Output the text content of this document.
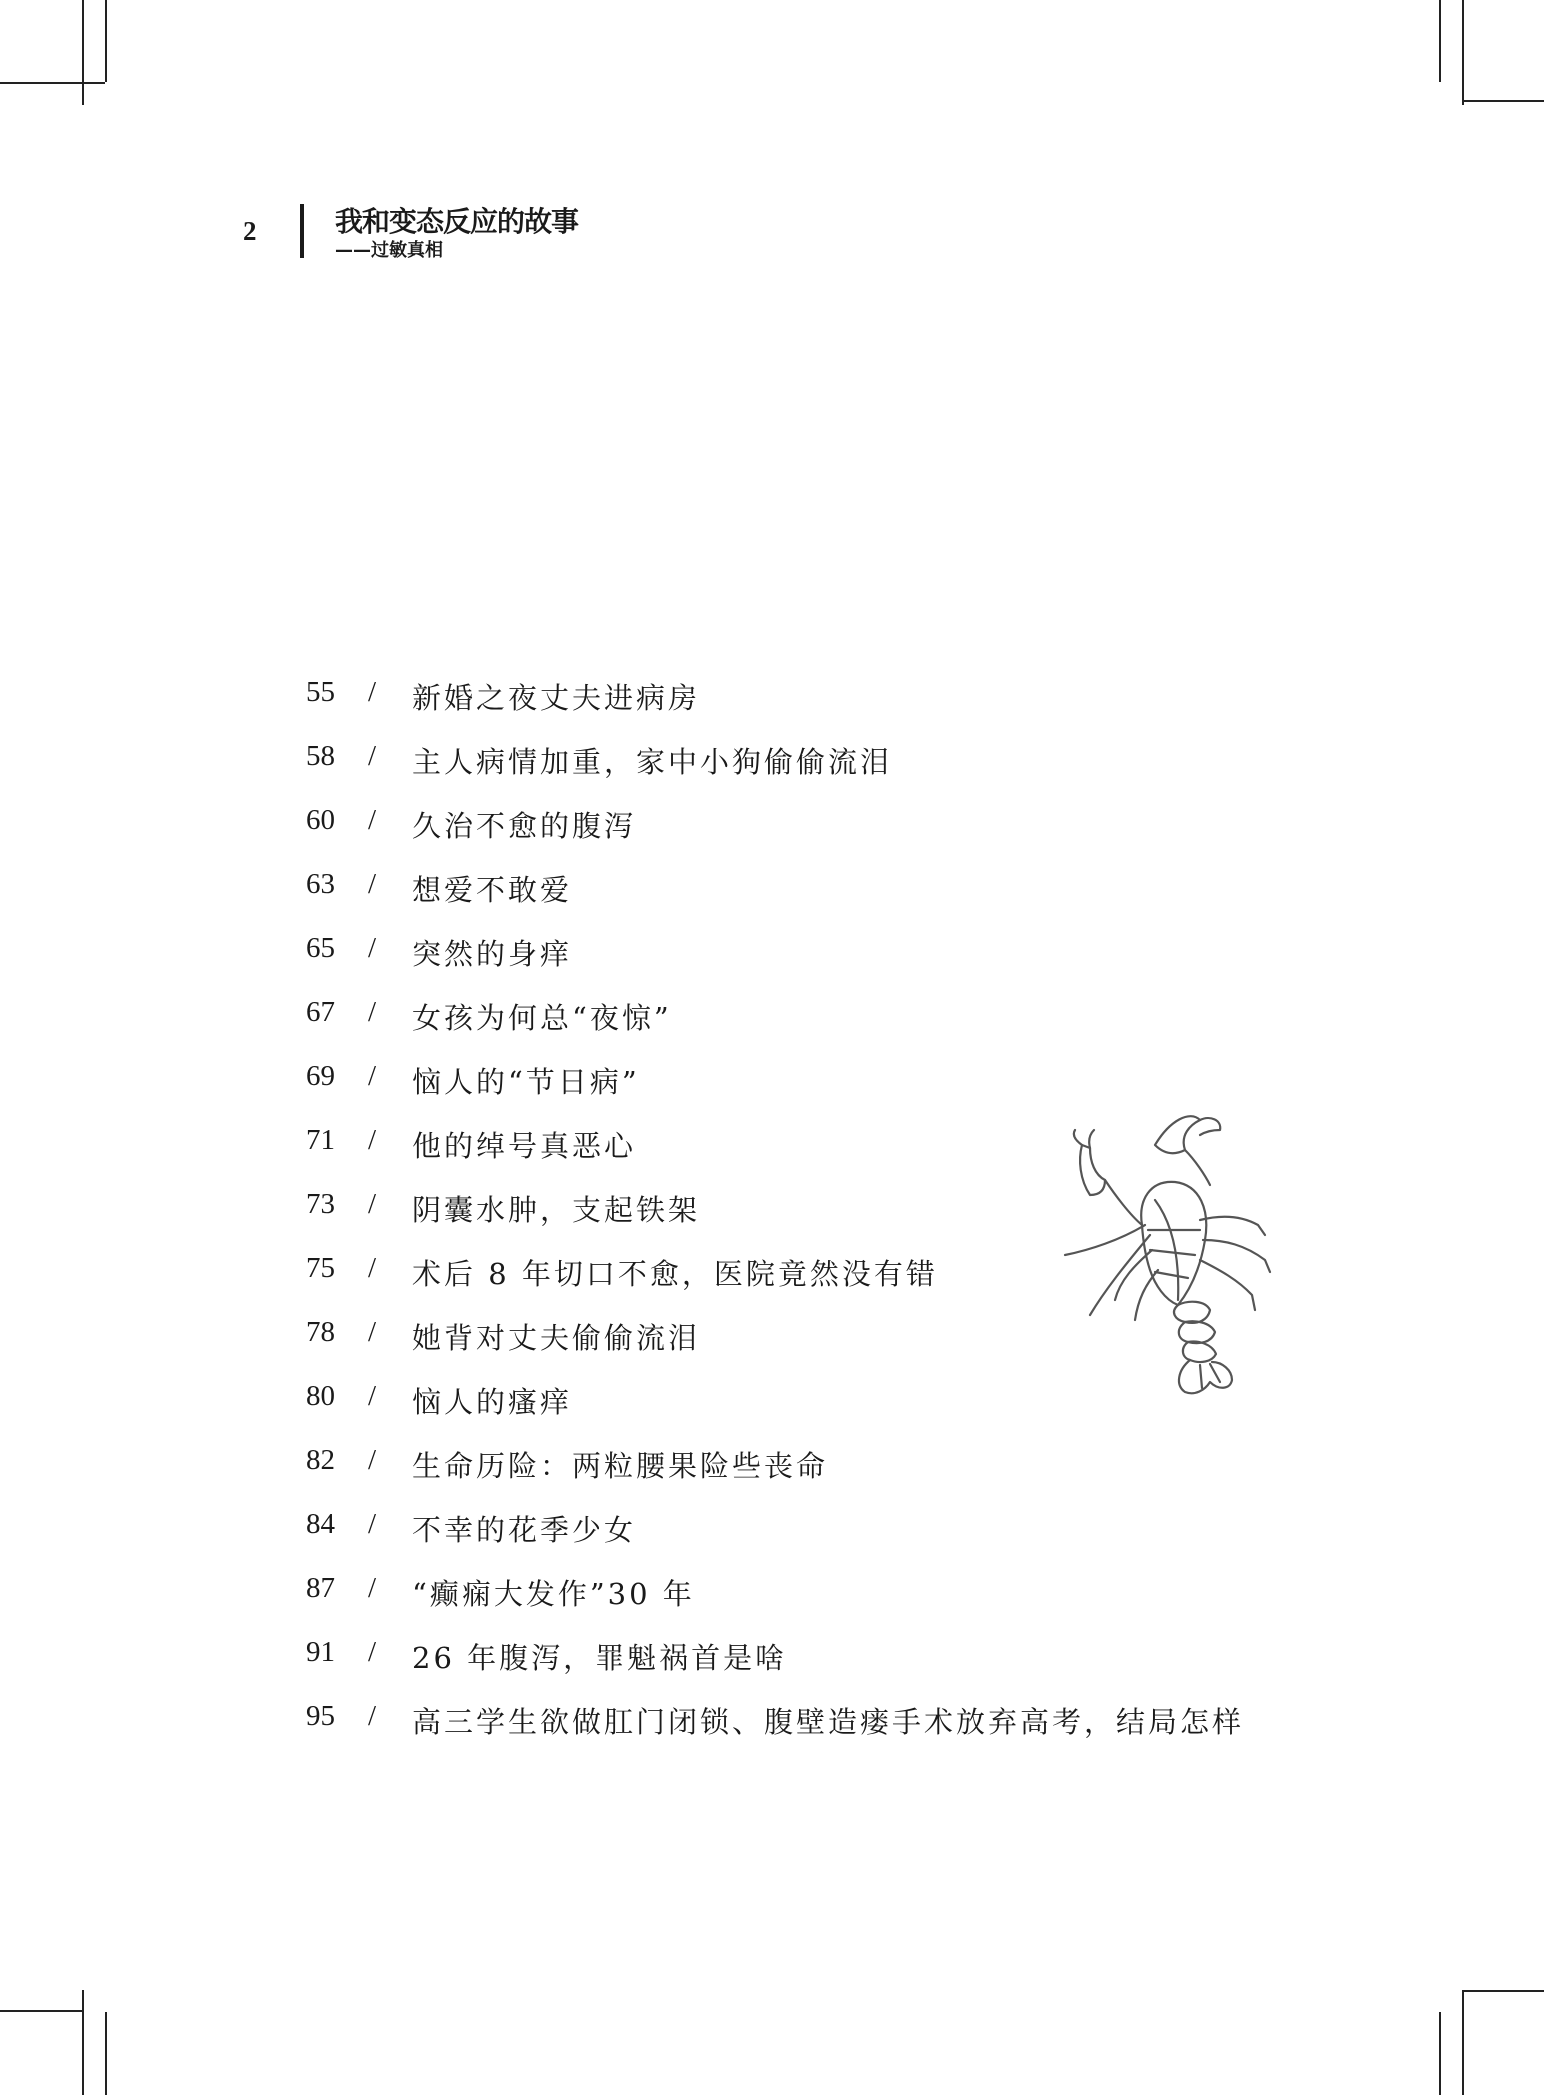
2	我和变态反应的故事
——过敏真相
55 / 新婚之夜丈夫进病房
58 / 主人病情加重，家中小狗偷偷流泪
60 / 久治不愈的腹泻
63 / 想爱不敢爱
65 / 突然的身痒
67 / 女孩为何总“夜惊”
69 / 恼人的“节日病”
71 / 他的绰号真恶心
73 / 阴囊水肿，支起铁架
75 / 术后 8 年切口不愈，医院竟然没有错
78 / 她背对丈夫偷偷流泪
80 / 恼人的瘙痒
82 / 生命历险：两粒腰果险些丧命
84 / 不幸的花季少女
87 / “癫痫大发作”30 年
91 / 26 年腹泻，罪魁祸首是啥
95 / 高三学生欲做肛门闭锁、腹壁造瘘手术放弃高考，结局怎样
